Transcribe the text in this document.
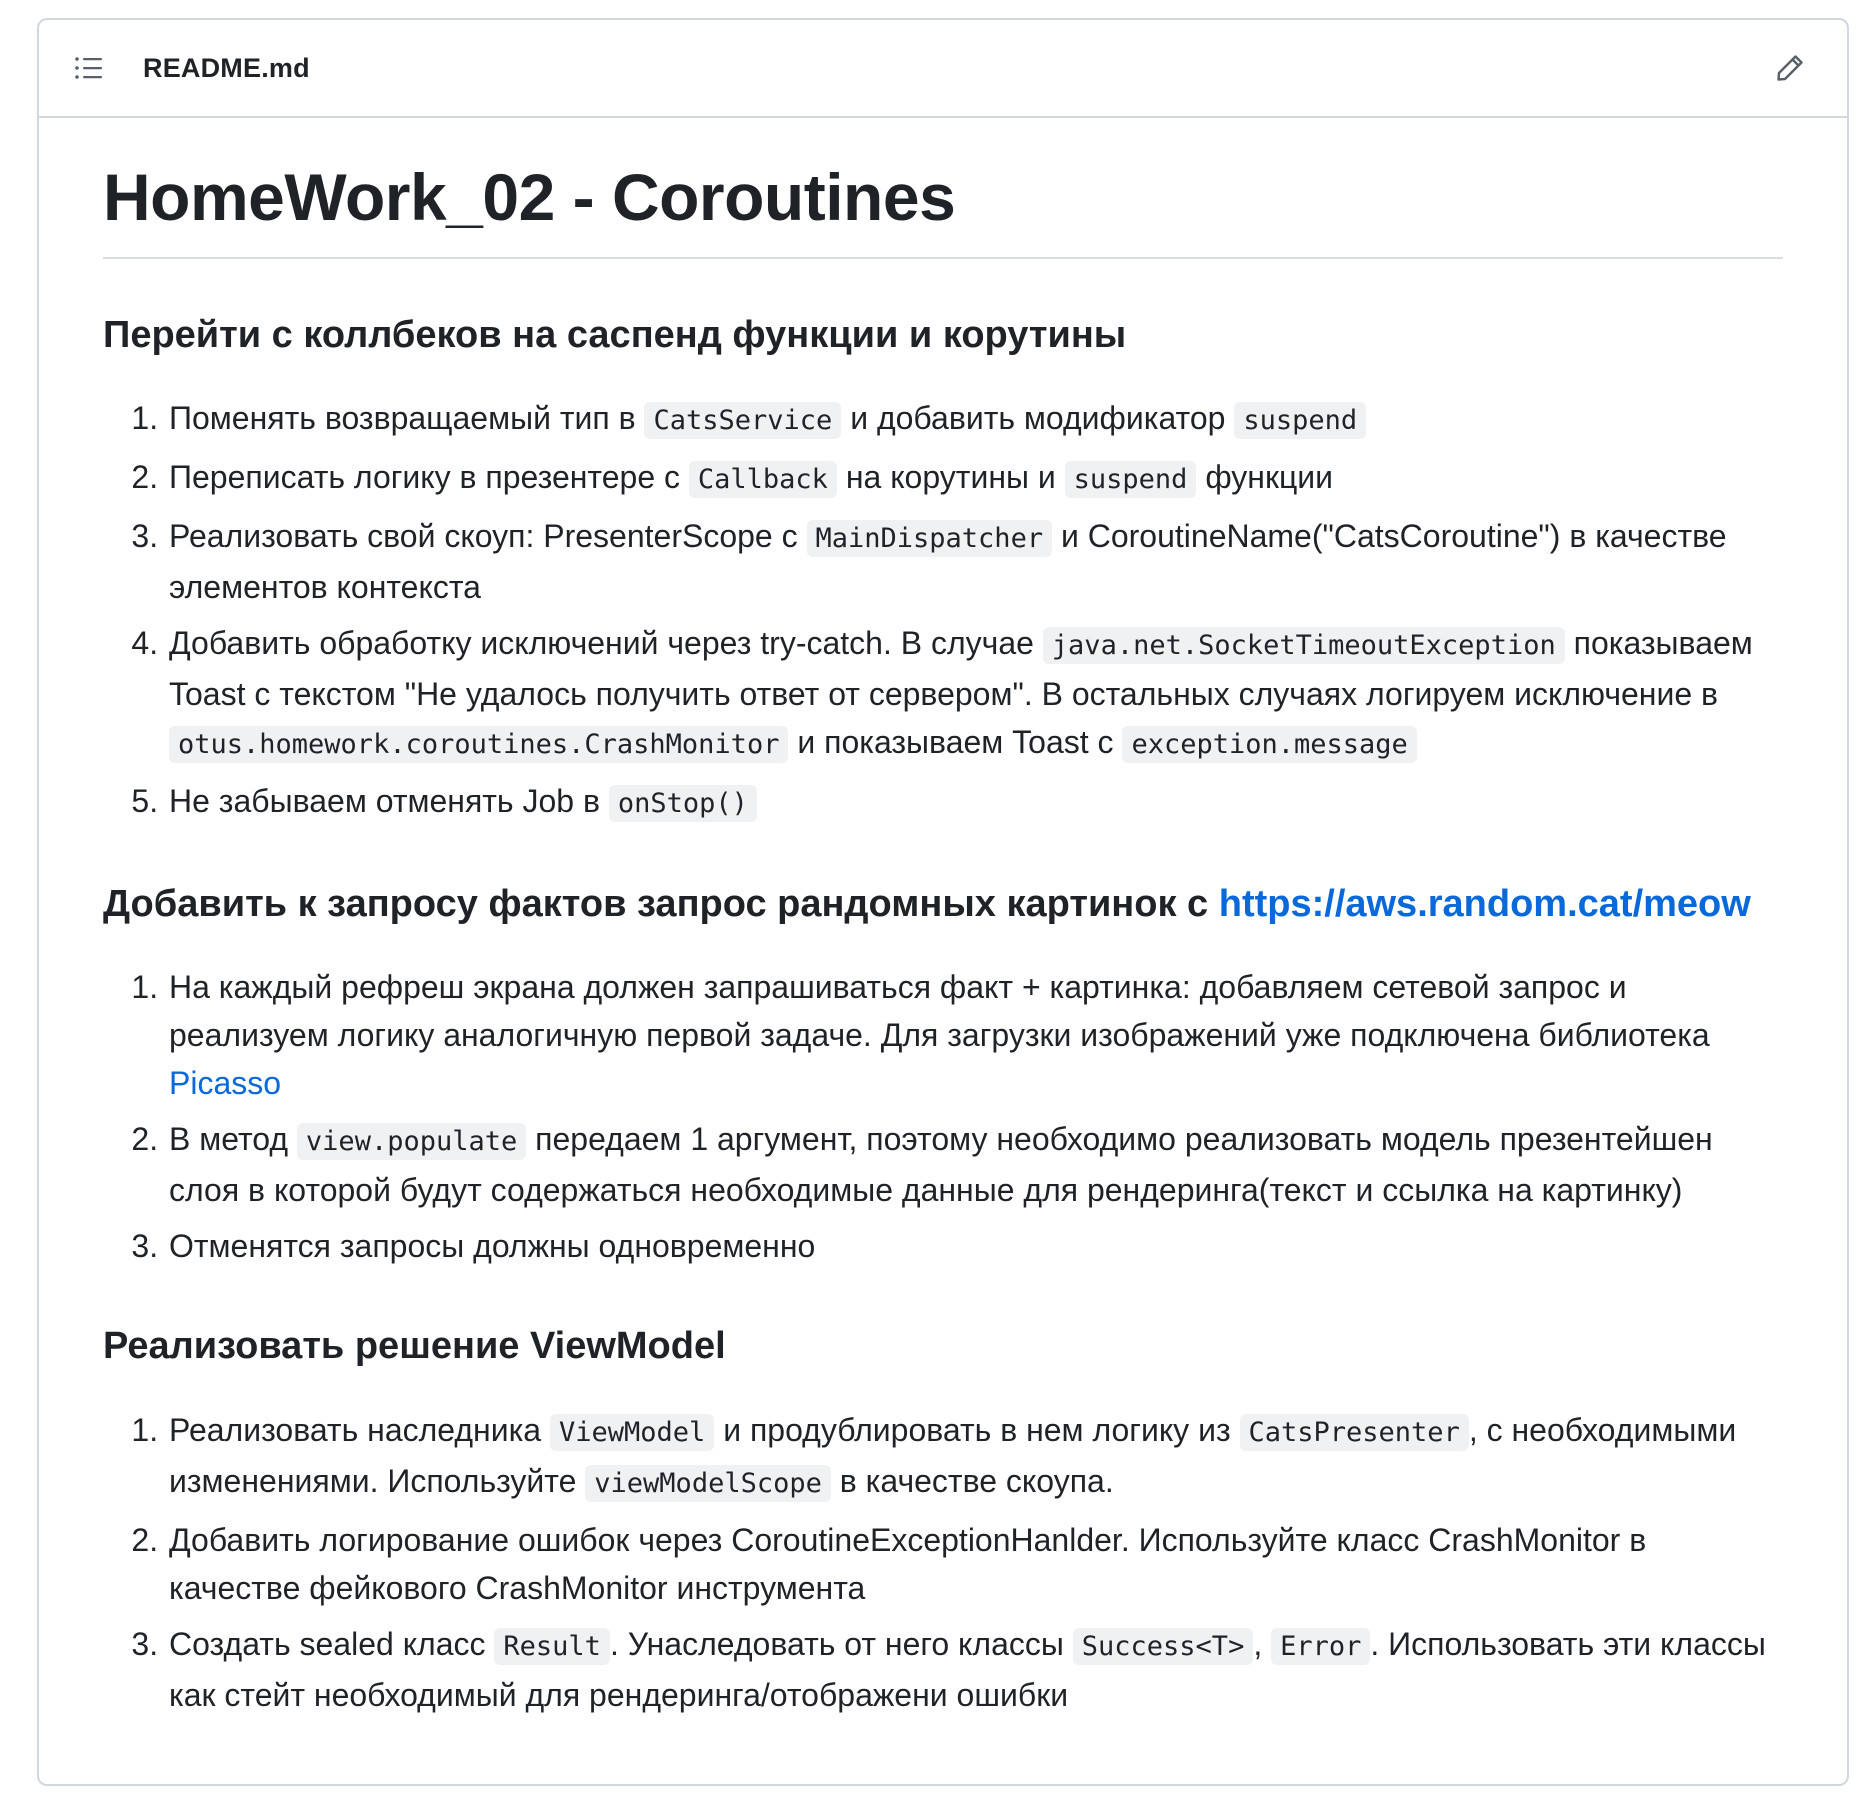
README.md
HomeWork_02 - Coroutines
Перейти с коллбеков на саспенд функции и корутины
1. Поменять возвращаемый тип в CatsService и добавить модификатор suspend
2. Переписать логику в презентере с Callback на корутины и suspend функции
3. Реализовать свой скоуп: PresenterScope с MainDispatcher и CoroutineName("CatsCoroutine") в качестве элементов контекста
4. Добавить обработку исключений через try-catch. В случае java.net.SocketTimeoutException показываем Toast с текстом "Не удалось получить ответ от сервером". В остальных случаях логируем исключение в otus.homework.coroutines.CrashMonitor и показываем Toast с exception.message
5. Не забываем отменять Job в onStop()
Добавить к запросу фактов запрос рандомных картинок с https://aws.random.cat/meow
1. На каждый рефреш экрана должен запрашиваться факт + картинка: добавляем сетевой запрос и реализуем логику аналогичную первой задаче. Для загрузки изображений уже подключена библиотека Picasso
2. В метод view.populate передаем 1 аргумент, поэтому необходимо реализовать модель презентейшен слоя в которой будут содержаться необходимые данные для рендеринга(текст и ссылка на картинку)
3. Отменятся запросы должны одновременно
Реализовать решение ViewModel
1. Реализовать наследника ViewModel и продублировать в нем логику из CatsPresenter , с необходимыми изменениями. Используйте viewModelScope в качестве скоупа.
2. Добавить логирование ошибок через CoroutineExceptionHanlder. Используйте класс CrashMonitor в качестве фейкового CrashMonitor инструмента
3. Создать sealed класс Result . Унаследовать от него классы Success<T> , Error . Использовать эти классы как стейт необходимый для рендеринга/отображени ошибки
